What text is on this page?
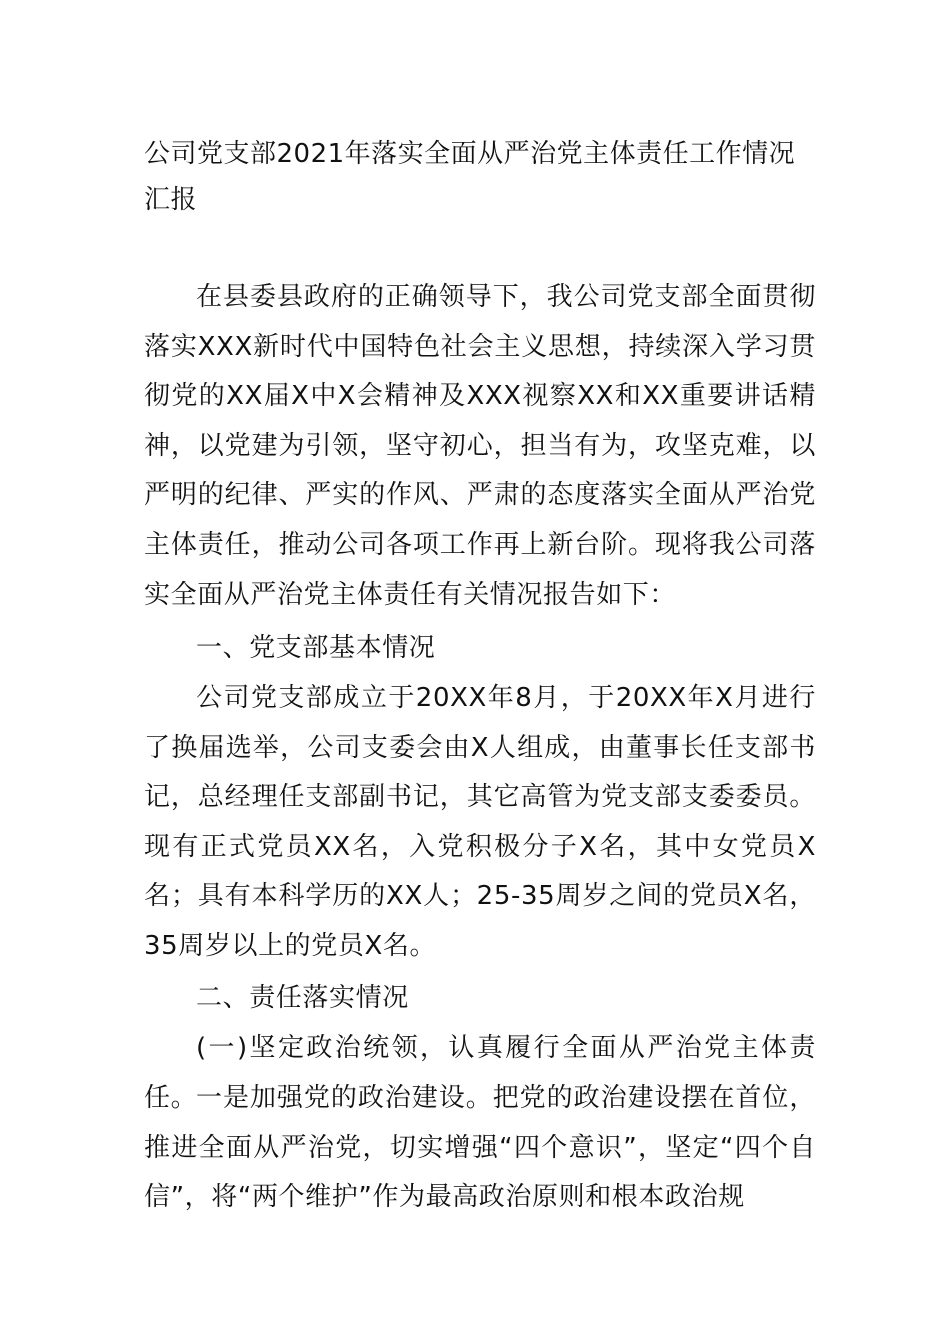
公司党支部2021年落实全面从严治党主体责任工作情况汇报

在县委县政府的正确领导下，我公司党支部全面贯彻落实XXX新时代中国特色社会主义思想，持续深入学习贯彻党的XX届X中X会精神及XXX视察XX和XX重要讲话精神，以党建为引领，坚守初心，担当有为，攻坚克难，以严明的纪律、严实的作风、严肃的态度落实全面从严治党主体责任，推动公司各项工作再上新台阶。现将我公司落实全面从严治党主体责任有关情况报告如下：

一、党支部基本情况

公司党支部成立于20XX年8月，于20XX年X月进行了换届选举，公司支委会由X人组成，由董事长任支部书记，总经理任支部副书记，其它高管为党支部支委委员。现有正式党员XX名，入党积极分子X名，其中女党员X名；具有本科学历的XX人；25-35周岁之间的党员X名，35周岁以上的党员X名。

二、责任落实情况

(一)坚定政治统领，认真履行全面从严治党主体责任。

一是加强党的政治建设。把党的政治建设摆在首位，推进全面从严治党，切实增强“四个意识”，坚定“四个自信”，将“两个维护”作为最高政治原则和根本政治规
